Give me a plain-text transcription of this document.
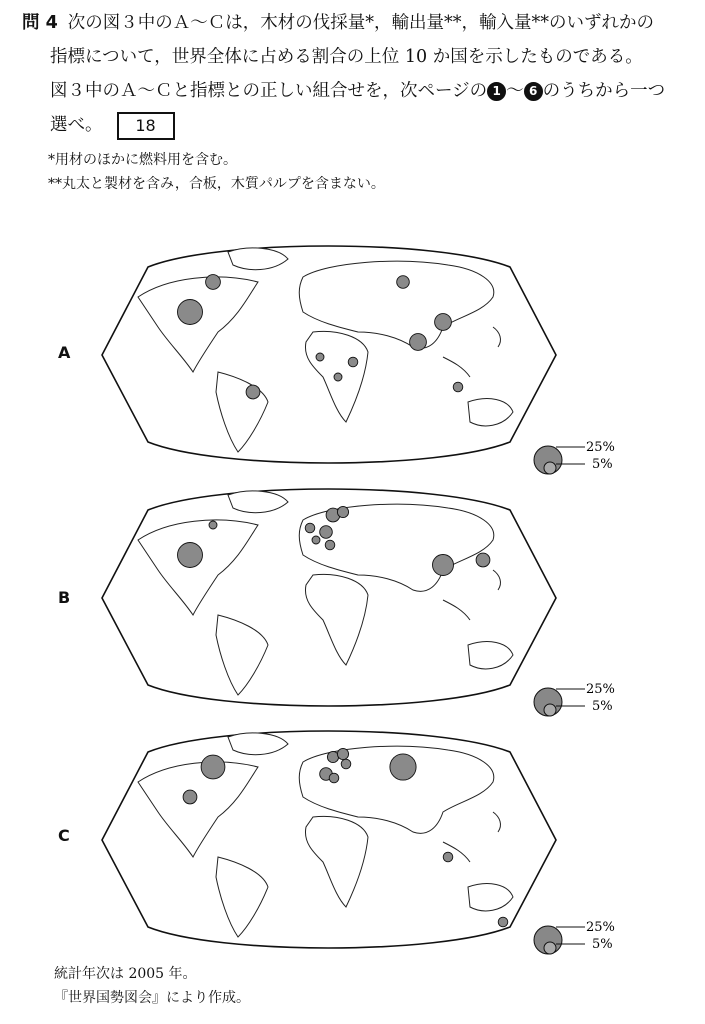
問 4 次の図３中のＡ～Ｃは，木材の伐採量*，輸出量**，輸入量**のいずれかの
指標について，世界全体に占める割合の上位 10 か国を示したものである。
図３中のＡ～Ｃと指標との正しい組合せを，次ページの 1 ～ 6 のうちから一つ
選べ。 18
*用材のほかに燃料用を含む。
**丸太と製材を含み，合板，木質パルプを含まない。
A
25%
5%
B
25%
5%
C
25%
5%
統計年次は 2005 年。
『世界国勢図会』により作成。
